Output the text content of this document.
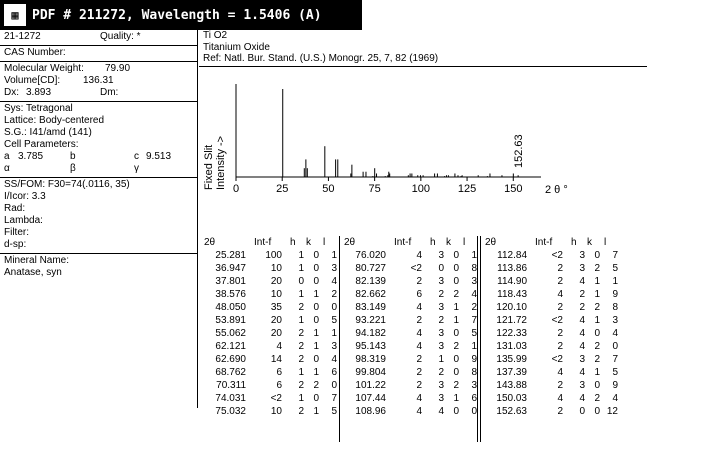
▦	PDF # 211272, Wavelength = 1.5406 (A)
21-1272	Quality: *
CAS Number:
Molecular Weight: 79.90
Volume[CD]: 136.31
Dx: 3.893	Dm:
Sys: Tetragonal
Lattice: Body-centered
S.G.: I41/amd (141)
Cell Parameters:
a 3.785	b	c 9.513
α	β	γ
SS/FOM: F30=74(.0116, 35)
I/Icor: 3.3
Rad:
Lambda:
Filter:
d-sp:
Mineral Name:
Anatase, syn
Ti O2
Titanium Oxide
Ref: Natl. Bur. Stand. (U.S.) Monogr. 25, 7, 82 (1969)
Fixed Slit Intensity -> 0	25	50	75	100	125	150
152.63
2 θ °
2θ	Int-f h k l
25.281 100 1 0 1
36.947 10 1 0 3
37.801 20 0 0 4
38.576 10 1 1 2
48.050 35 2 0 0
53.891 20 1 0 5
55.062 20 2 1 1
62.121	4 2 1 3
62.690 14 2 0 4
68.762	6 1 1 6
70.311	6 2 2 0
74.031 <2 1 0 7
75.032 10 2 1 5
2θ	Int-f h k l
76.020	4 3 0 1
80.727 <2 0 0 8
82.139	2 3 0 3
82.662	6 2 2 4
83.149	4 3 1 2
93.221	2 2 1 7
94.182	4 3 0 5
95.143	4 3 2 1
98.319	2 1 0 9
99.804	2 2 0 8
101.22	2 3 2 3
107.44	4 3 1 6
108.96	4 4 0 0
2θ	Int-f h k l
112.84 <2 3 0 7
113.86	2 3 2 5
114.90	2 4 1 1
118.43	4 2 1 9
120.10	2 2 2 8
121.72 <2 4 1 3
122.33	2 4 0 4
131.03	2 4 2 0
135.99 <2 3 2 7
137.39	4 4 1 5
143.88	2 3 0 9
150.03	4 4 2 4
152.63	2 0 0 12
